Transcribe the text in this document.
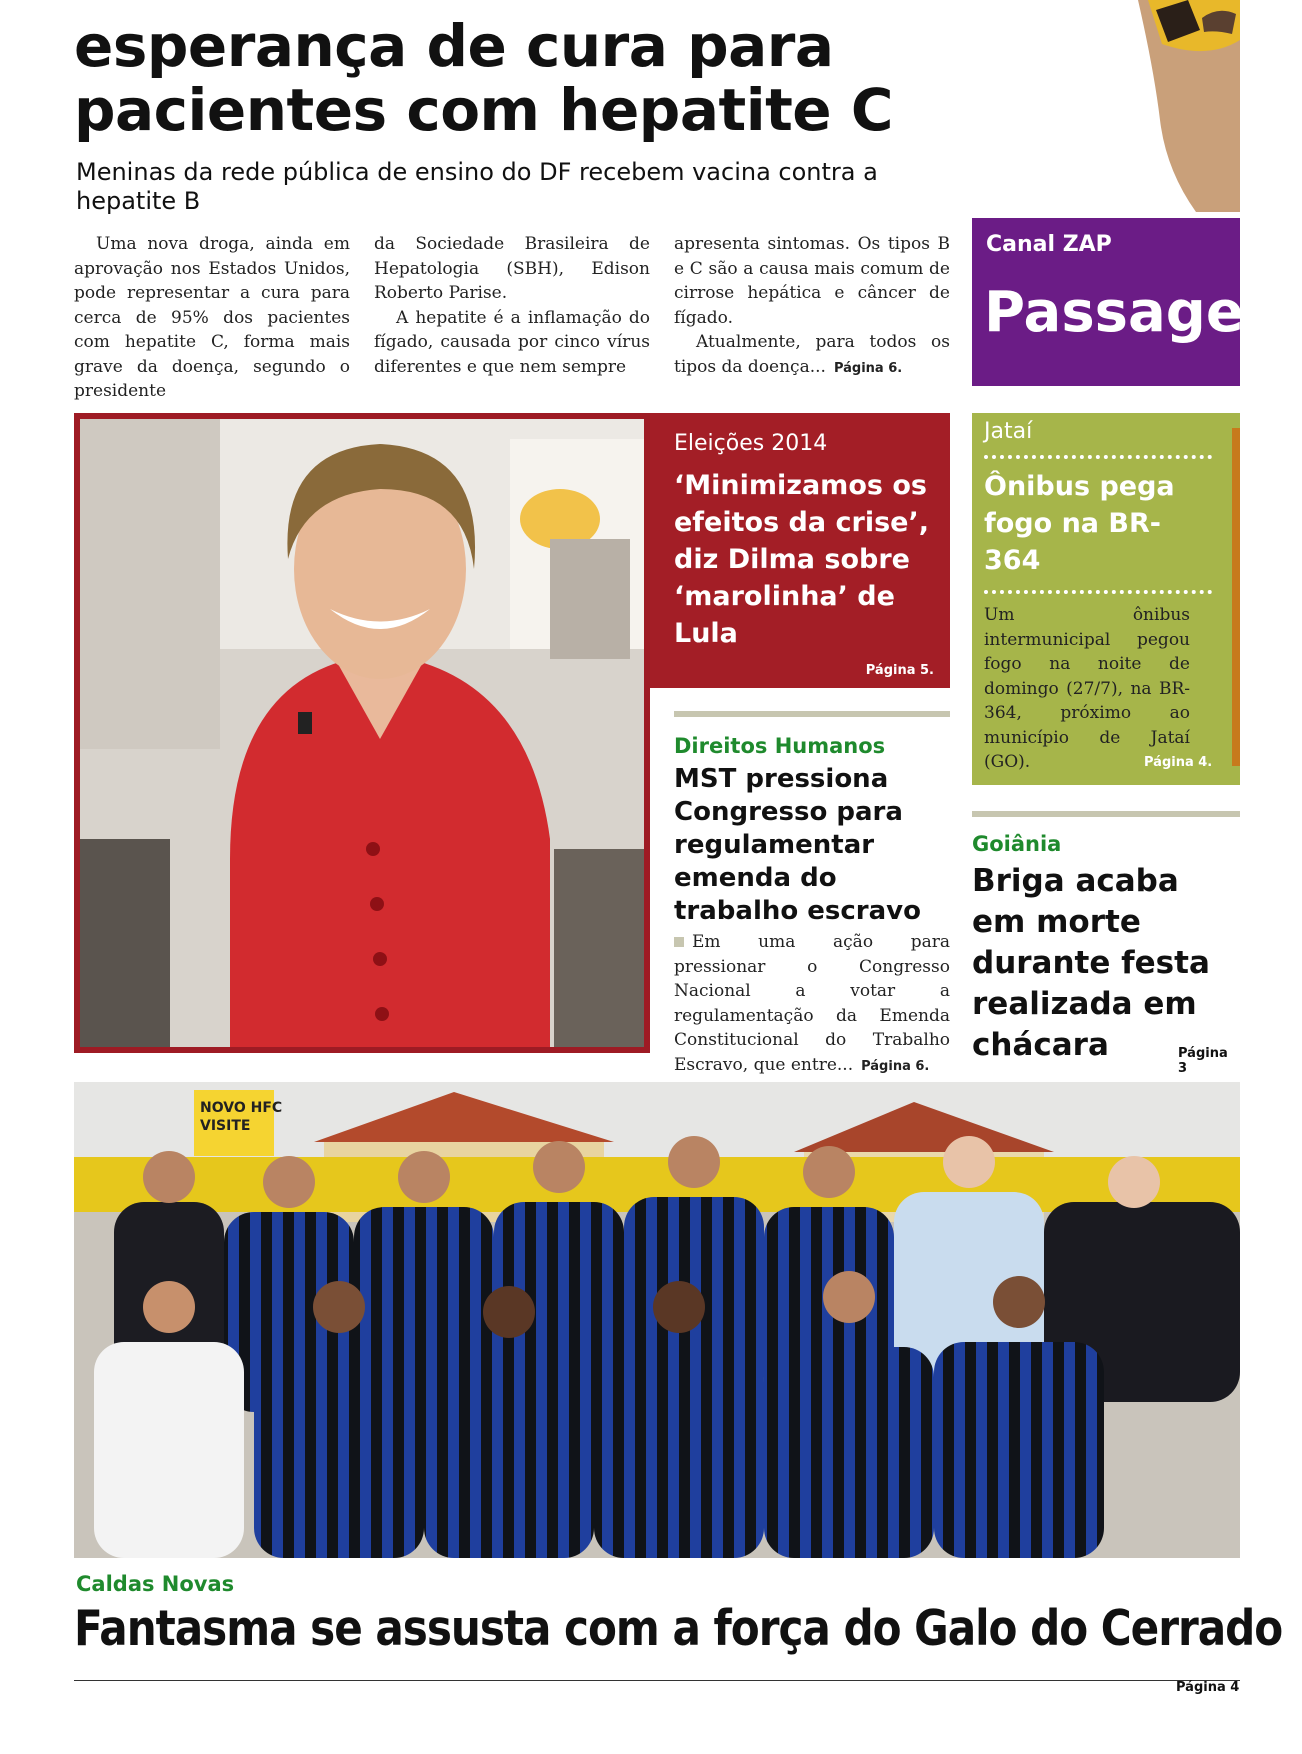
esperança de cura para pacientes com hepatite C
Meninas da rede pública de ensino do DF recebem vacina contra a hepatite B

Uma nova droga, ainda em aprovação nos Estados Unidos, pode representar a cura para cerca de 95% dos pacientes com hepatite C, forma mais grave da doença, segundo o presidente

da Sociedade Brasileira de Hepatologia (SBH), Edison Roberto Parise.

A hepatite é a inflamação do fígado, causada por cinco vírus diferentes e que nem sempre

apresenta sintomas. Os tipos B e C são a causa mais comum de cirrose hepática e câncer de fígado.

Atualmente, para todos os tipos da doença... Página 6.

Canal ZAP
Passagem
Eleições 2014
‘Minimizamos os efeitos da crise’, diz Dilma sobre ‘marolinha’ de Lula
Página 5.
Jataí
Ônibus pega fogo na BR-364
Um ônibus intermunicipal pegou fogo na noite de domingo (27/7), na BR-364, próximo ao município de Jataí (GO).	Página 4.
Direitos Humanos
MST pressiona Congresso para regulamentar emenda do trabalho escravo

Em uma ação para pressionar o Congresso Nacional a votar a regulamentação da Emenda Constitucional do Trabalho Escravo, que entre... Página 6.

Goiânia
Briga acaba em morte durante festa realizada em chácara	Página 3
NOVO HFC
VISITE
Caldas Novas
Fantasma se assusta com a força do Galo do Cerrado
Página 4
